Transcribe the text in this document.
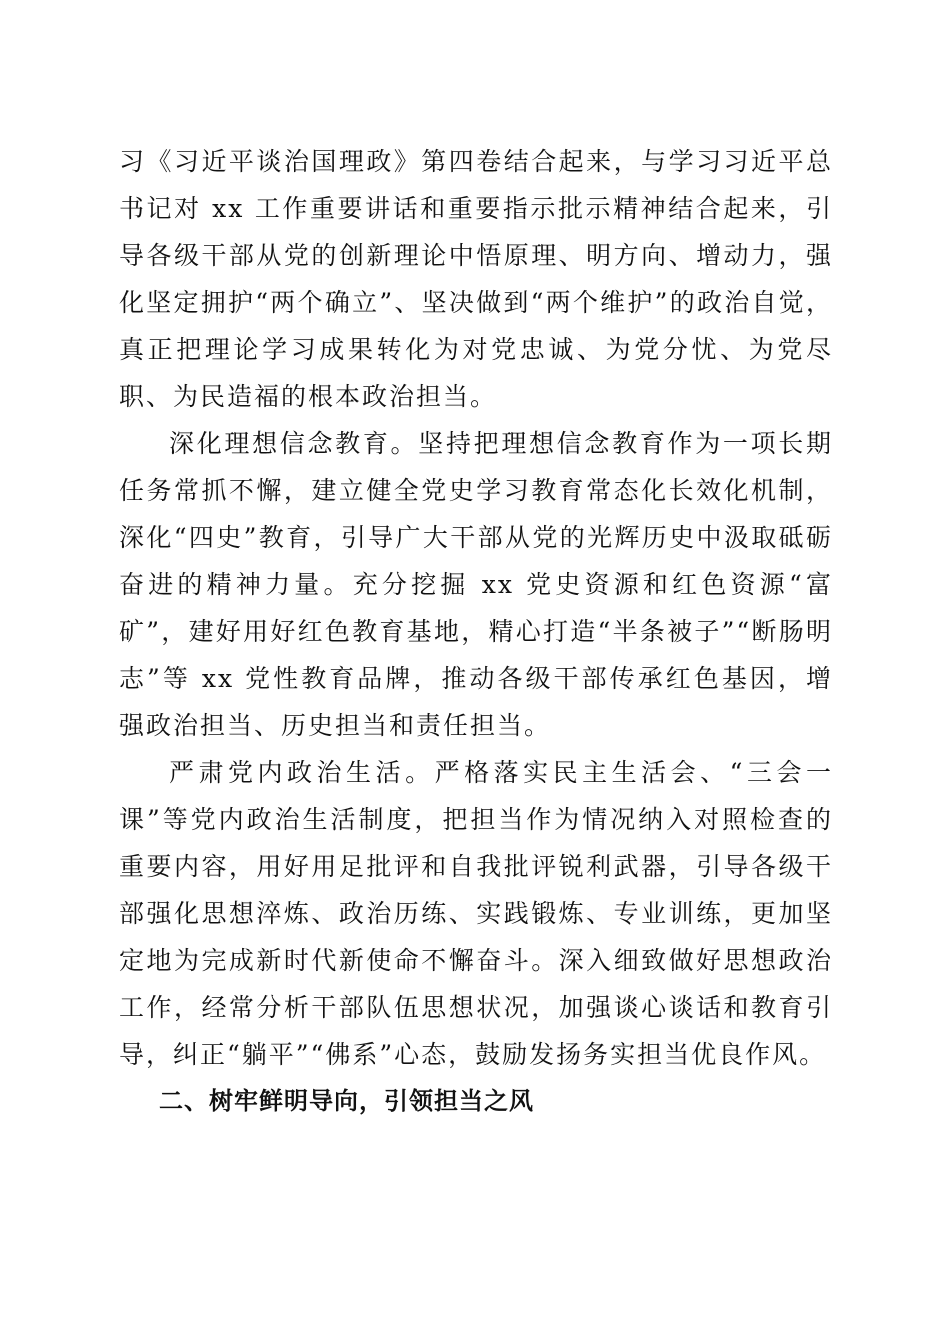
习《习近平谈治国理政》第四卷结合起来，与学习习近平总书记对 xx 工作重要讲话和重要指示批示精神结合起来，引导各级干部从党的创新理论中悟原理、明方向、增动力，强化坚定拥护“两个确立”、坚决做到“两个维护”的政治自觉，真正把理论学习成果转化为对党忠诚、为党分忧、为党尽职、为民造福的根本政治担当。

深化理想信念教育。坚持把理想信念教育作为一项长期任务常抓不懈，建立健全党史学习教育常态化长效化机制，深化“四史”教育，引导广大干部从党的光辉历史中汲取砥砺奋进的精神力量。充分挖掘 xx 党史资源和红色资源“富矿”，建好用好红色教育基地，精心打造“半条被子”“断肠明志”等 xx 党性教育品牌，推动各级干部传承红色基因，增强政治担当、历史担当和责任担当。

严肃党内政治生活。严格落实民主生活会、“三会一课”等党内政治生活制度，把担当作为情况纳入对照检查的重要内容，用好用足批评和自我批评锐利武器，引导各级干部强化思想淬炼、政治历练、实践锻炼、专业训练，更加坚定地为完成新时代新使命不懈奋斗。深入细致做好思想政治工作，经常分析干部队伍思想状况，加强谈心谈话和教育引导，纠正“躺平”“佛系”心态，鼓励发扬务实担当优良作风。

二、树牢鲜明导向，引领担当之风
